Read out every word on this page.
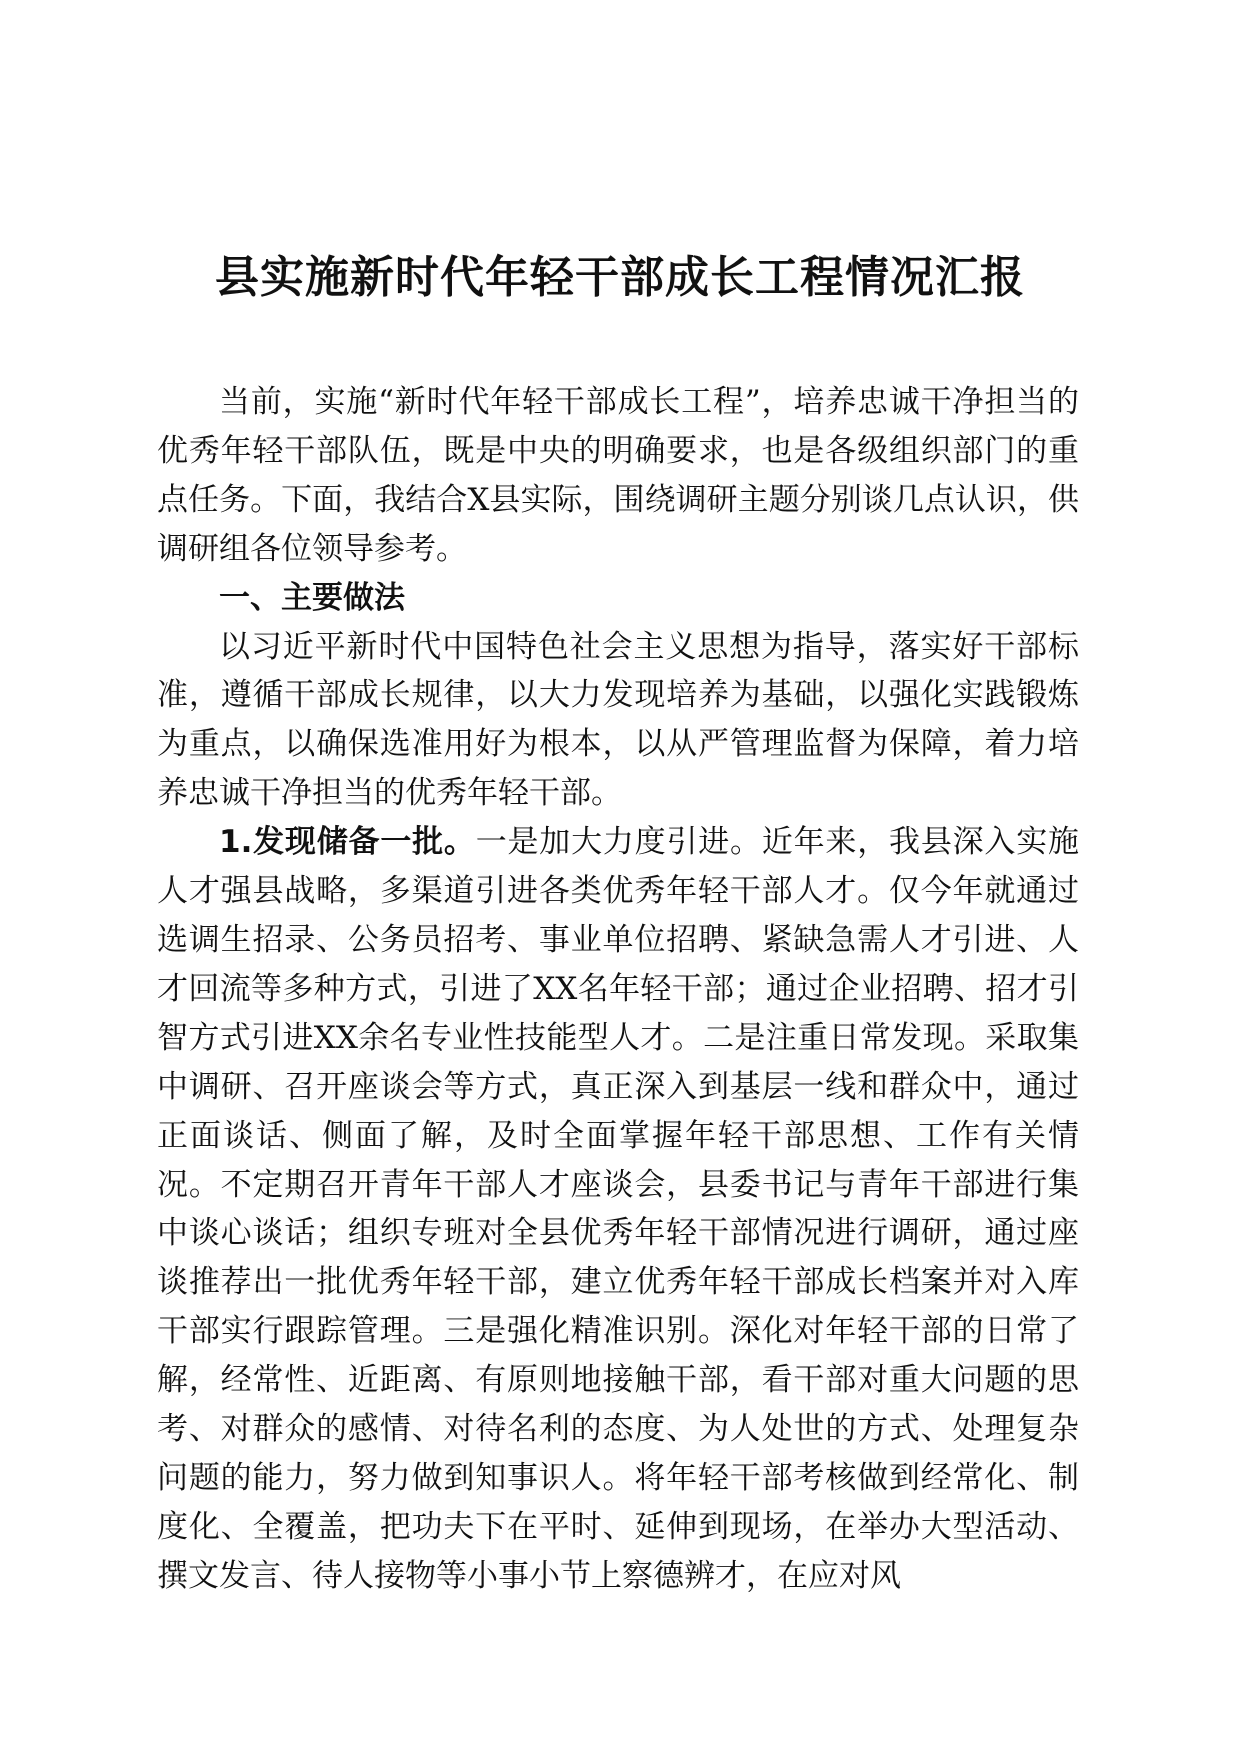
县实施新时代年轻干部成长工程情况汇报

当前，实施“新时代年轻干部成长工程”，培养忠诚干净担当的优秀年轻干部队伍，既是中央的明确要求，也是各级组织部门的重点任务。下面，我结合X县实际，围绕调研主题分别谈几点认识，供调研组各位领导参考。

一、主要做法

以习近平新时代中国特色社会主义思想为指导，落实好干部标准，遵循干部成长规律，以大力发现培养为基础，以强化实践锻炼为重点，以确保选准用好为根本，以从严管理监督为保障，着力培养忠诚干净担当的优秀年轻干部。

1.发现储备一批。一是加大力度引进。近年来，我县深入实施人才强县战略，多渠道引进各类优秀年轻干部人才。仅今年就通过选调生招录、公务员招考、事业单位招聘、紧缺急需人才引进、人才回流等多种方式，引进了XX名年轻干部；通过企业招聘、招才引智方式引进XX余名专业性技能型人才。二是注重日常发现。采取集中调研、召开座谈会等方式，真正深入到基层一线和群众中，通过正面谈话、侧面了解，及时全面掌握年轻干部思想、工作有关情况。不定期召开青年干部人才座谈会，县委书记与青年干部进行集中谈心谈话；组织专班对全县优秀年轻干部情况进行调研，通过座谈推荐出一批优秀年轻干部，建立优秀年轻干部成长档案并对入库干部实行跟踪管理。三是强化精准识别。深化对年轻干部的日常了解，经常性、近距离、有原则地接触干部，看干部对重大问题的思考、对群众的感情、对待名利的态度、为人处世的方式、处理复杂问题的能力，努力做到知事识人。将年轻干部考核做到经常化、制度化、全覆盖，把功夫下在平时、延伸到现场，在举办大型活动、撰文发言、待人接物等小事小节上察德辨才，在应对风
